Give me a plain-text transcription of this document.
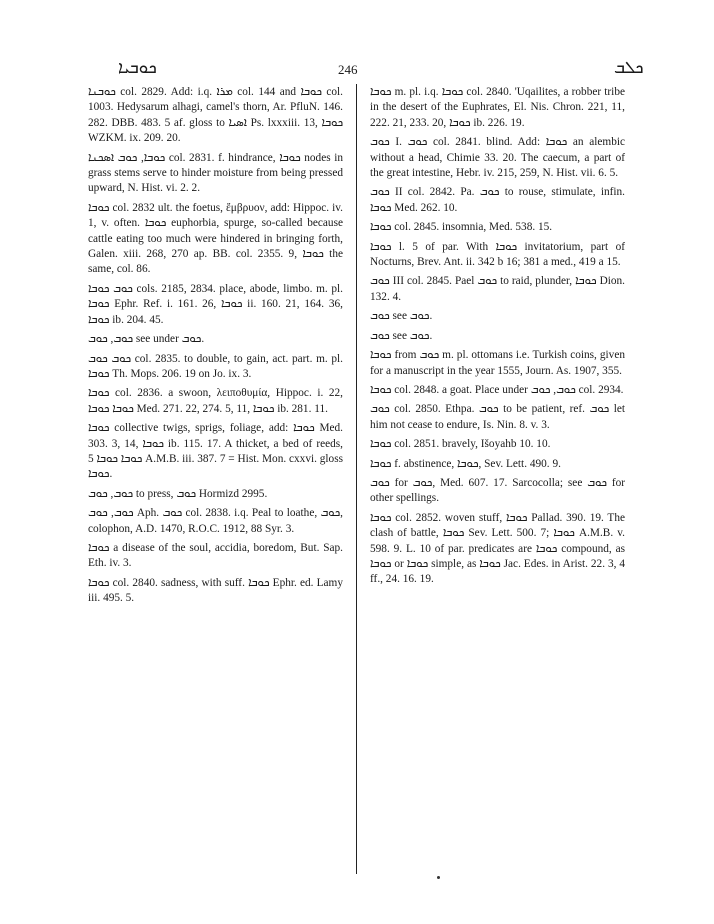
ܟܘܒܝܐ	246	ܟܠܒ

ܟܘܒܢܐ col. 2829. Add: i.q. ܡܪܐ col. 144 and ܟܘܒܐ col. 1003. Hedysarum alhagi, camel's thorn, Ar. PfluN. 146. 282. DBB. 483. 5 af. gloss to ܐܣܝܐ Ps. lxxxiii. 13, ܟܘܒܐ WZKM. ix. 209. 20.

ܟܘܒܐ, ܟܘܒ ܐܣܟܢܐ col. 2831. f. hindrance, ܟܘܒܐ nodes in grass stems serve to hinder moisture from being pressed upward, N. Hist. vi. 2. 2.

ܟܘܒܐ col. 2832 ult. the foetus, ἔμβρυον, add: Hippoc. iv. 1, v. often. ܟܘܒܐ euphorbia, spurge, so-called because cattle eating too much were hindered in bringing forth, Galen. xiii. 268, 270 ap. BB. col. 2355. 9, ܟܘܒܐ the same, col. 86.

ܟܘܒ ܟܘܒܐ cols. 2185, 2834. place, abode, limbo. m. pl. ܟܘܒܐ Ephr. Ref. i. 161. 26, ܟܘܒܐ ii. 160. 21, 164. 36, ܟܘܒܐ ib. 204. 45.

ܟܘܒ, ܟܘܒ see under ܟܘܒ.

ܟܘܒ ܟܘܒ col. 2835. to double, to gain, act. part. m. pl. ܟܘܒܐ Th. Mops. 206. 19 on Jo. ix. 3.

ܟܘܒܐ col. 2836. a swoon, λειποθυμία, Hippoc. i. 22, ܟܘܒܐ ܟܘܒܐ Med. 271. 22, 274. 5, 11, ܟܘܒܐ ib. 281. 11.

ܟܘܒܐ collective twigs, sprigs, foliage, add: ܟܘܒܐ Med. 303. 3, 14, ܟܘܒܐ ib. 115. 17. A thicket, a bed of reeds, ܟܘܒܐ ܟܘܒܐ 5 A.M.B. iii. 387. 7 = Hist. Mon. cxxvi. gloss ܟܘܒܐ.

ܟܘܒ, ܟܘܒ to press, ܟܘܒ Hormizd 2995.

ܟܘܒ, ܟܘܒ Aph. ܟܘܒ col. 2838. i.q. Peal to loathe, ܟܘܒ, colophon, A.D. 1470, R.O.C. 1912, 88 Syr. 3.

ܟܘܒܐ a disease of the soul, accidia, boredom, But. Sap. Eth. iv. 3.

ܟܘܒܐ col. 2840. sadness, with suff. ܟܘܒܐ Ephr. ed. Lamy iii. 495. 5.

ܟܘܒܐ m. pl. i.q. ܟܘܒܐ col. 2840. 'Uqailites, a robber tribe in the desert of the Euphrates, El. Nis. Chron. 221, 11, 222. 21, 233. 20, ܟܘܒܐ ib. 226. 19.

ܟܘܒ I. ܟܘܒ col. 2841. blind. Add: ܟܘܒܐ an alembic without a head, Chimie 33. 20. The caecum, a part of the great intestine, Hebr. iv. 215, 259, N. Hist. vii. 6. 5.

ܟܘܒ II col. 2842. Pa. ܟܘܒ to rouse, stimulate, infin. ܟܘܒܐ Med. 262. 10.

ܟܘܒܐ col. 2845. insomnia, Med. 538. 15.

ܟܘܒܐ l. 5 of par. With ܟܘܒܐ invitatorium, part of Nocturns, Brev. Ant. ii. 342 b 16; 381 a med., 419 a 15.

ܟܘܒ III col. 2845. Pael ܟܘܒ to raid, plunder, ܟܘܒܐ Dion. 132. 4.

ܟܘܒ see ܟܘܒ.

ܟܘܒ see ܟܘܒ.

ܟܘܒܐ from ܟܘܒ m. pl. ottomans i.e. Turkish coins, given for a manuscript in the year 1555, Journ. As. 1907, 355.

ܟܘܒܐ col. 2848. a goat. Place under ܟܘܒ, ܟܘܒ col. 2934.

ܟܘܒ col. 2850. Ethpa. ܟܘܒ to be patient, ref. ܟܘܒ let him not cease to endure, Is. Nin. 8. v. 3.

ܟܘܒܐ col. 2851. bravely, Išoyahb 10. 10.

ܟܘܒܐ f. abstinence, ܟܘܒܐ, Sev. Lett. 490. 9.

ܟܘܒ for ܟܘܒ, Med. 607. 17. Sarcocolla; see ܟܘܒ for other spellings.

ܟܘܒܐ col. 2852. woven stuff, ܟܘܒܐ Pallad. 390. 19. The clash of battle, ܟܘܒܐ Sev. Lett. 500. 7; ܟܘܒܐ A.M.B. v. 598. 9. L. 10 of par. predicates are ܟܘܒܐ compound, as ܟܘܒܐ or ܟܘܒܐ simple, as ܟܘܒܐ Jac. Edes. in Arist. 22. 3, 4 ff., 24. 16. 19.
